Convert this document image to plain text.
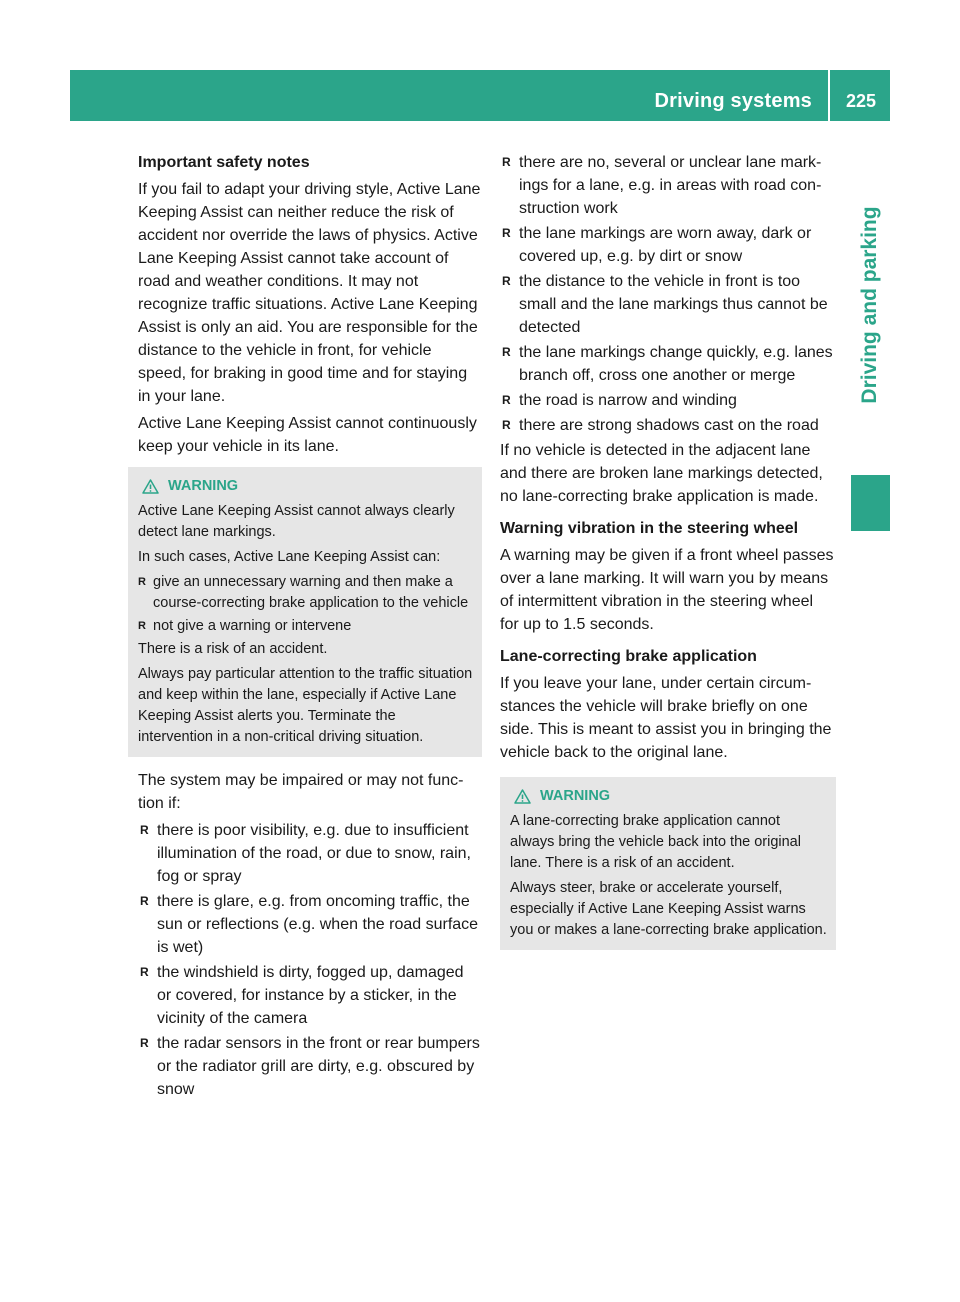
Driving systems	225
Driving and parking

Important safety notes

If you fail to adapt your driving style, Active Lane Keeping Assist can neither reduce the risk of accident nor override the laws of physics. Active Lane Keeping Assist cannot take account of road and weather conditions. It may not recognize traffic situations. Active Lane Keeping Assist is only an aid. You are responsible for the distance to the vehicle in front, for vehicle speed, for braking in good time and for staying in your lane.

Active Lane Keeping Assist cannot continuously keep your vehicle in its lane.

WARNING

Active Lane Keeping Assist cannot always clearly detect lane markings.

In such cases, Active Lane Keeping Assist can:

R give an unnecessary warning and then make a course-correcting brake application to the vehicle
R not give a warning or intervene

There is a risk of an accident.

Always pay particular attention to the traffic situation and keep within the lane, especially if Active Lane Keeping Assist alerts you. Terminate the intervention in a non-critical driving situation.

The system may be impaired or may not function if:

R there is poor visibility, e.g. due to insufficient illumination of the road, or due to snow, rain, fog or spray
R there is glare, e.g. from oncoming traffic, the sun or reflections (e.g. when the road surface is wet)
R the windshield is dirty, fogged up, damaged or covered, for instance by a sticker, in the vicinity of the camera
R the radar sensors in the front or rear bumpers or the radiator grill are dirty, e.g. obscured by snow
R there are no, several or unclear lane markings for a lane, e.g. in areas with road construction work
R the lane markings are worn away, dark or covered up, e.g. by dirt or snow
R the distance to the vehicle in front is too small and the lane markings thus cannot be detected
R the lane markings change quickly, e.g. lanes branch off, cross one another or merge
R the road is narrow and winding
R there are strong shadows cast on the road

If no vehicle is detected in the adjacent lane and there are broken lane markings detected, no lane-correcting brake application is made.

Warning vibration in the steering wheel

A warning may be given if a front wheel passes over a lane marking. It will warn you by means of intermittent vibration in the steering wheel for up to 1.5 seconds.

Lane-correcting brake application

If you leave your lane, under certain circumstances the vehicle will brake briefly on one side. This is meant to assist you in bringing the vehicle back to the original lane.

WARNING

A lane-correcting brake application cannot always bring the vehicle back into the original lane. There is a risk of an accident.

Always steer, brake or accelerate yourself, especially if Active Lane Keeping Assist warns you or makes a lane-correcting brake application.
